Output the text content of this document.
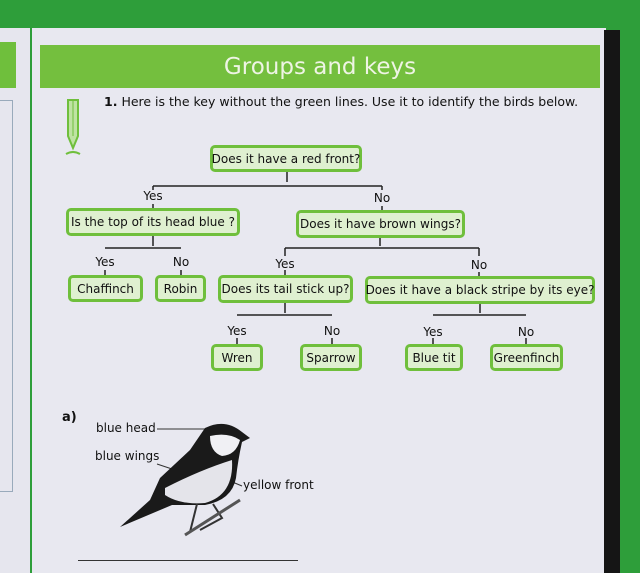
Groups and keys
1. Here is the key without the green lines. Use it to identify the birds below.
Does it have a red front?
Yes	No
Is the top of its head blue ?	Does it have brown wings?
Yes	No	Yes	No
Chaffinch	Robin	Does its tail stick up? Does it have a black stripe by its eye?
Yes	No	Yes	No
Wren	Sparrow	Blue tit	Greenfinch
a)
blue head
blue wings
yellow front
